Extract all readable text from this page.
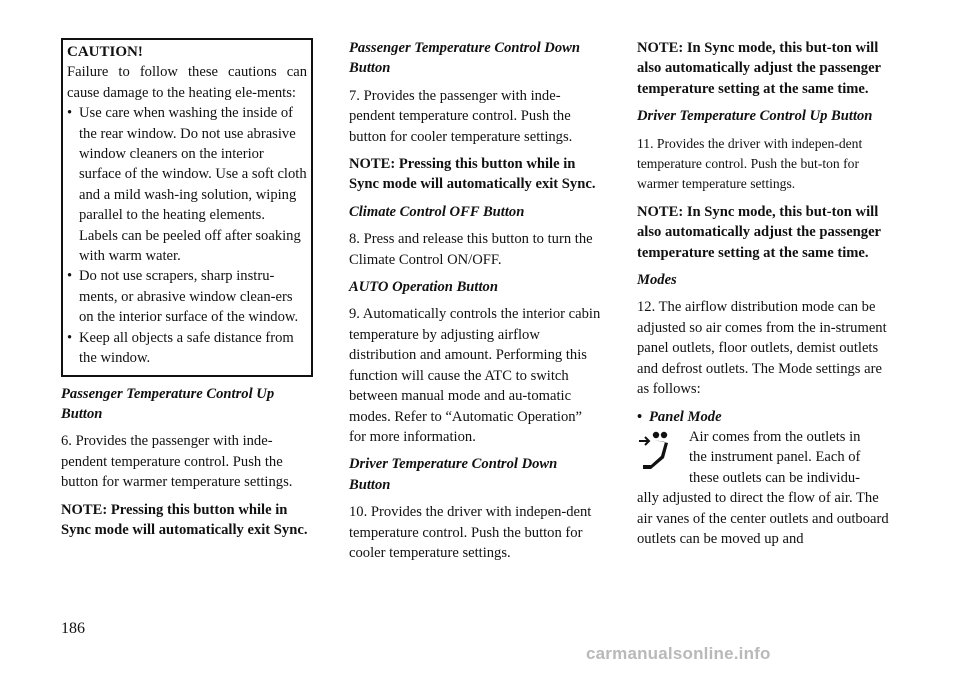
CAUTION!

Failure to follow these cautions can cause damage to the heating ele-ments:

• Use care when washing the inside of the rear window. Do not use abrasive window cleaners on the interior surface of the window. Use a soft cloth and a mild wash-ing solution, wiping parallel to the heating elements. Labels can be peeled off after soaking with warm water.
• Do not use scrapers, sharp instru-ments, or abrasive window clean-ers on the interior surface of the window.
• Keep all objects a safe distance from the window.

Passenger Temperature Control Up Button

6. Provides the passenger with inde-pendent temperature control. Push the button for warmer temperature settings.

NOTE: Pressing this button while in Sync mode will automatically exit Sync.

Passenger Temperature Control Down Button

7. Provides the passenger with inde-pendent temperature control. Push the button for cooler temperature settings.

NOTE: Pressing this button while in Sync mode will automatically exit Sync.

Climate Control OFF Button

8. Press and release this button to turn the Climate Control ON/OFF.

AUTO Operation Button

9. Automatically controls the interior cabin temperature by adjusting airflow distribution and amount. Performing this function will cause the ATC to switch between manual mode and au-tomatic modes. Refer to “Automatic Operation” for more information.

Driver Temperature Control Down Button

10. Provides the driver with indepen-dent temperature control. Push the button for cooler temperature settings.

NOTE: In Sync mode, this but-ton will also automatically adjust the passenger temperature setting at the same time.

Driver Temperature Control Up Button

11. Provides the driver with indepen-dent temperature control. Push the but-ton for warmer temperature settings.

NOTE: In Sync mode, this but-ton will also automatically adjust the passenger temperature setting at the same time.

Modes

12. The airflow distribution mode can be adjusted so air comes from the in-strument panel outlets, floor outlets, demist outlets and defrost outlets. The Mode settings are as follows:

• Panel Mode
Air comes from the outlets in
the instrument panel. Each of
these outlets can be individu-
ally adjusted to direct the flow of air. The air vanes of the center outlets and outboard outlets can be moved up and
186
carmanualsonline.info
